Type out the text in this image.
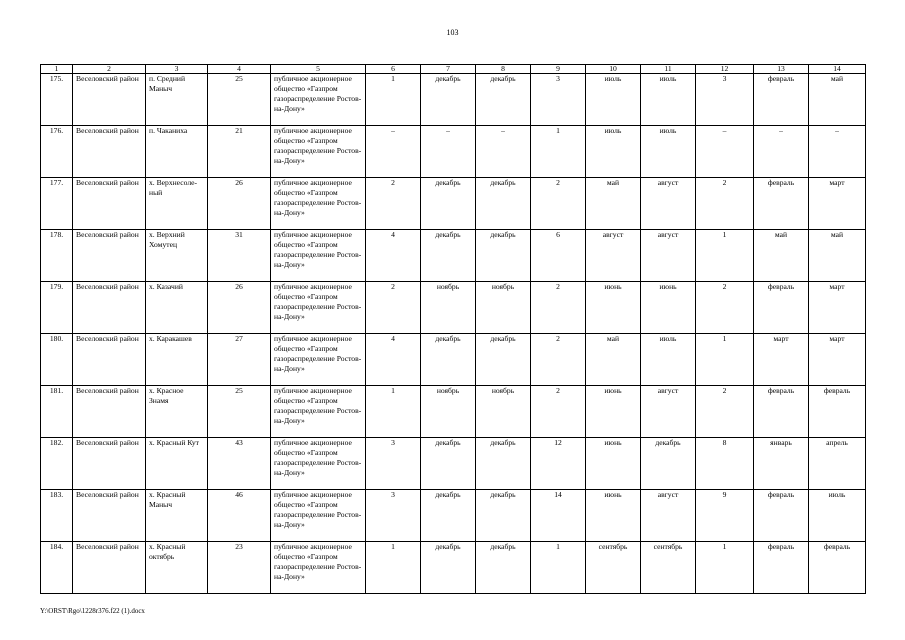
103
1	2	3	4	5	6	7	8	9	10	11	12	13	14
175.	Веселовский район	п. Средний Маныч	25	публичное акционерное общество «Газпром газораспределение Ростов-на-Дону»	1	декабрь	декабрь	3	июль	июль	3	февраль	май
176.	Веселовский район	п. Чаканиха	21	публичное акционерное общество «Газпром газораспределение Ростов-на-Дону»	–	–	–	1	июль	июль	–	–	–
177.	Веселовский район	х. Верхнесоле-ный	26	публичное акционерное общество «Газпром газораспределение Ростов-на-Дону»	2	декабрь	декабрь	2	май	август	2	февраль	март
178.	Веселовский район	х. Верхний Хомутец	31	публичное акционерное общество «Газпром газораспределение Ростов-на-Дону»	4	декабрь	декабрь	6	август	август	1	май	май
179.	Веселовский район	х. Казачий	26	публичное акционерное общество «Газпром газораспределение Ростов-на-Дону»	2	ноябрь	ноябрь	2	июнь	июнь	2	февраль	март
180.	Веселовский район	х. Каракашев	27	публичное акционерное общество «Газпром газораспределение Ростов-на-Дону»	4	декабрь	декабрь	2	май	июль	1	март	март
181.	Веселовский район	х. Красное Знамя	25	публичное акционерное общество «Газпром газораспределение Ростов-на-Дону»	1	ноябрь	ноябрь	2	июнь	август	2	февраль	февраль
182.	Веселовский район	х. Красный Кут	43	публичное акционерное общество «Газпром газораспределение Ростов-на-Дону»	3	декабрь	декабрь	12	июнь	декабрь	8	январь	апрель
183.	Веселовский район	х. Красный Маныч	46	публичное акционерное общество «Газпром газораспределение Ростов-на-Дону»	3	декабрь	декабрь	14	июнь	август	9	февраль	июль
184.	Веселовский район	х. Красный октябрь	23	публичное акционерное общество «Газпром газораспределение Ростов-на-Дону»	1	декабрь	декабрь	1	сентябрь	сентябрь	1	февраль	февраль
Y:\ORST\Rgo\1228r376.f22 (1).docx
